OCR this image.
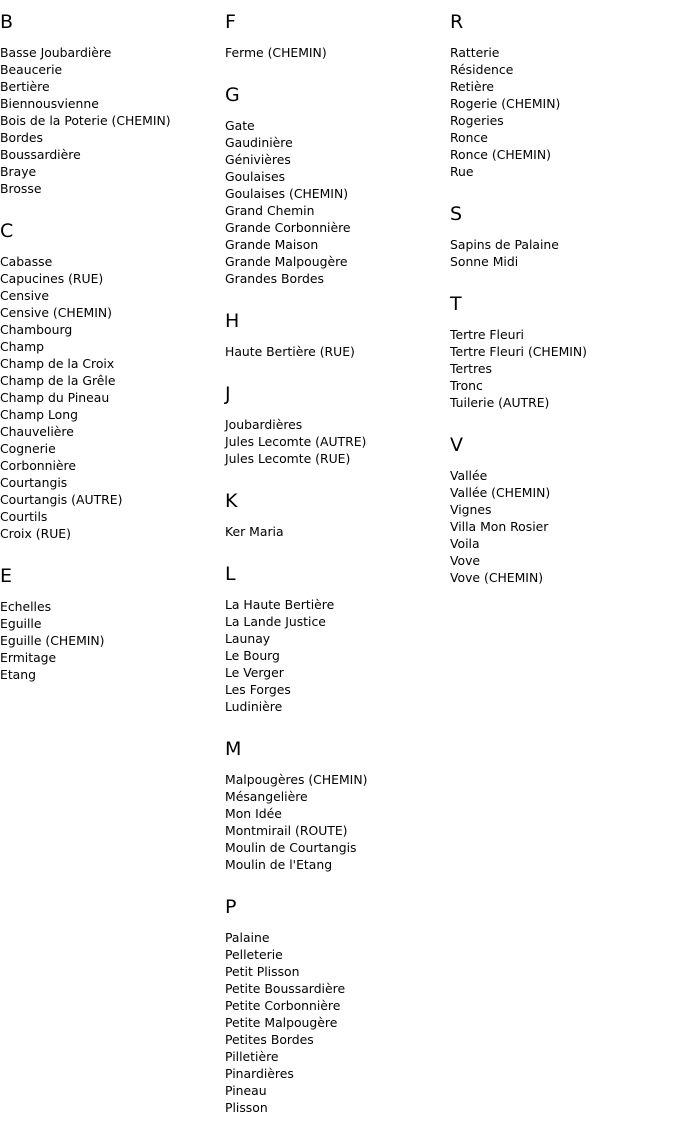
B
Basse Joubardière
Beaucerie
Bertière
Biennousvienne
Bois de la Poterie (CHEMIN)
Bordes
Boussardière
Braye
Brosse
C
Cabasse
Capucines (RUE)
Censive
Censive (CHEMIN)
Chambourg
Champ
Champ de la Croix
Champ de la Grêle
Champ du Pineau
Champ Long
Chauvelière
Cognerie
Corbonnière
Courtangis
Courtangis (AUTRE)
Courtils
Croix (RUE)
E
Echelles
Eguille
Eguille (CHEMIN)
Ermitage
Etang
F
Ferme (CHEMIN)
G
Gate
Gaudinière
Génivières
Goulaises
Goulaises (CHEMIN)
Grand Chemin
Grande Corbonnière
Grande Maison
Grande Malpougère
Grandes Bordes
H
Haute Bertière (RUE)
J
Joubardières
Jules Lecomte (AUTRE)
Jules Lecomte (RUE)
K
Ker Maria
L
La Haute Bertière
La Lande Justice
Launay
Le Bourg
Le Verger
Les Forges
Ludinière
M
Malpougères (CHEMIN)
Mésangelière
Mon Idée
Montmirail (ROUTE)
Moulin de Courtangis
Moulin de l'Etang
P
Palaine
Pelleterie
Petit Plisson
Petite Boussardière
Petite Corbonnière
Petite Malpougère
Petites Bordes
Pilletière
Pinardières
Pineau
Plisson
R
Ratterie
Résidence
Retière
Rogerie (CHEMIN)
Rogeries
Ronce
Ronce (CHEMIN)
Rue
S
Sapins de Palaine
Sonne Midi
T
Tertre Fleuri
Tertre Fleuri (CHEMIN)
Tertres
Tronc
Tuilerie (AUTRE)
V
Vallée
Vallée (CHEMIN)
Vignes
Villa Mon Rosier
Voila
Vove
Vove (CHEMIN)
